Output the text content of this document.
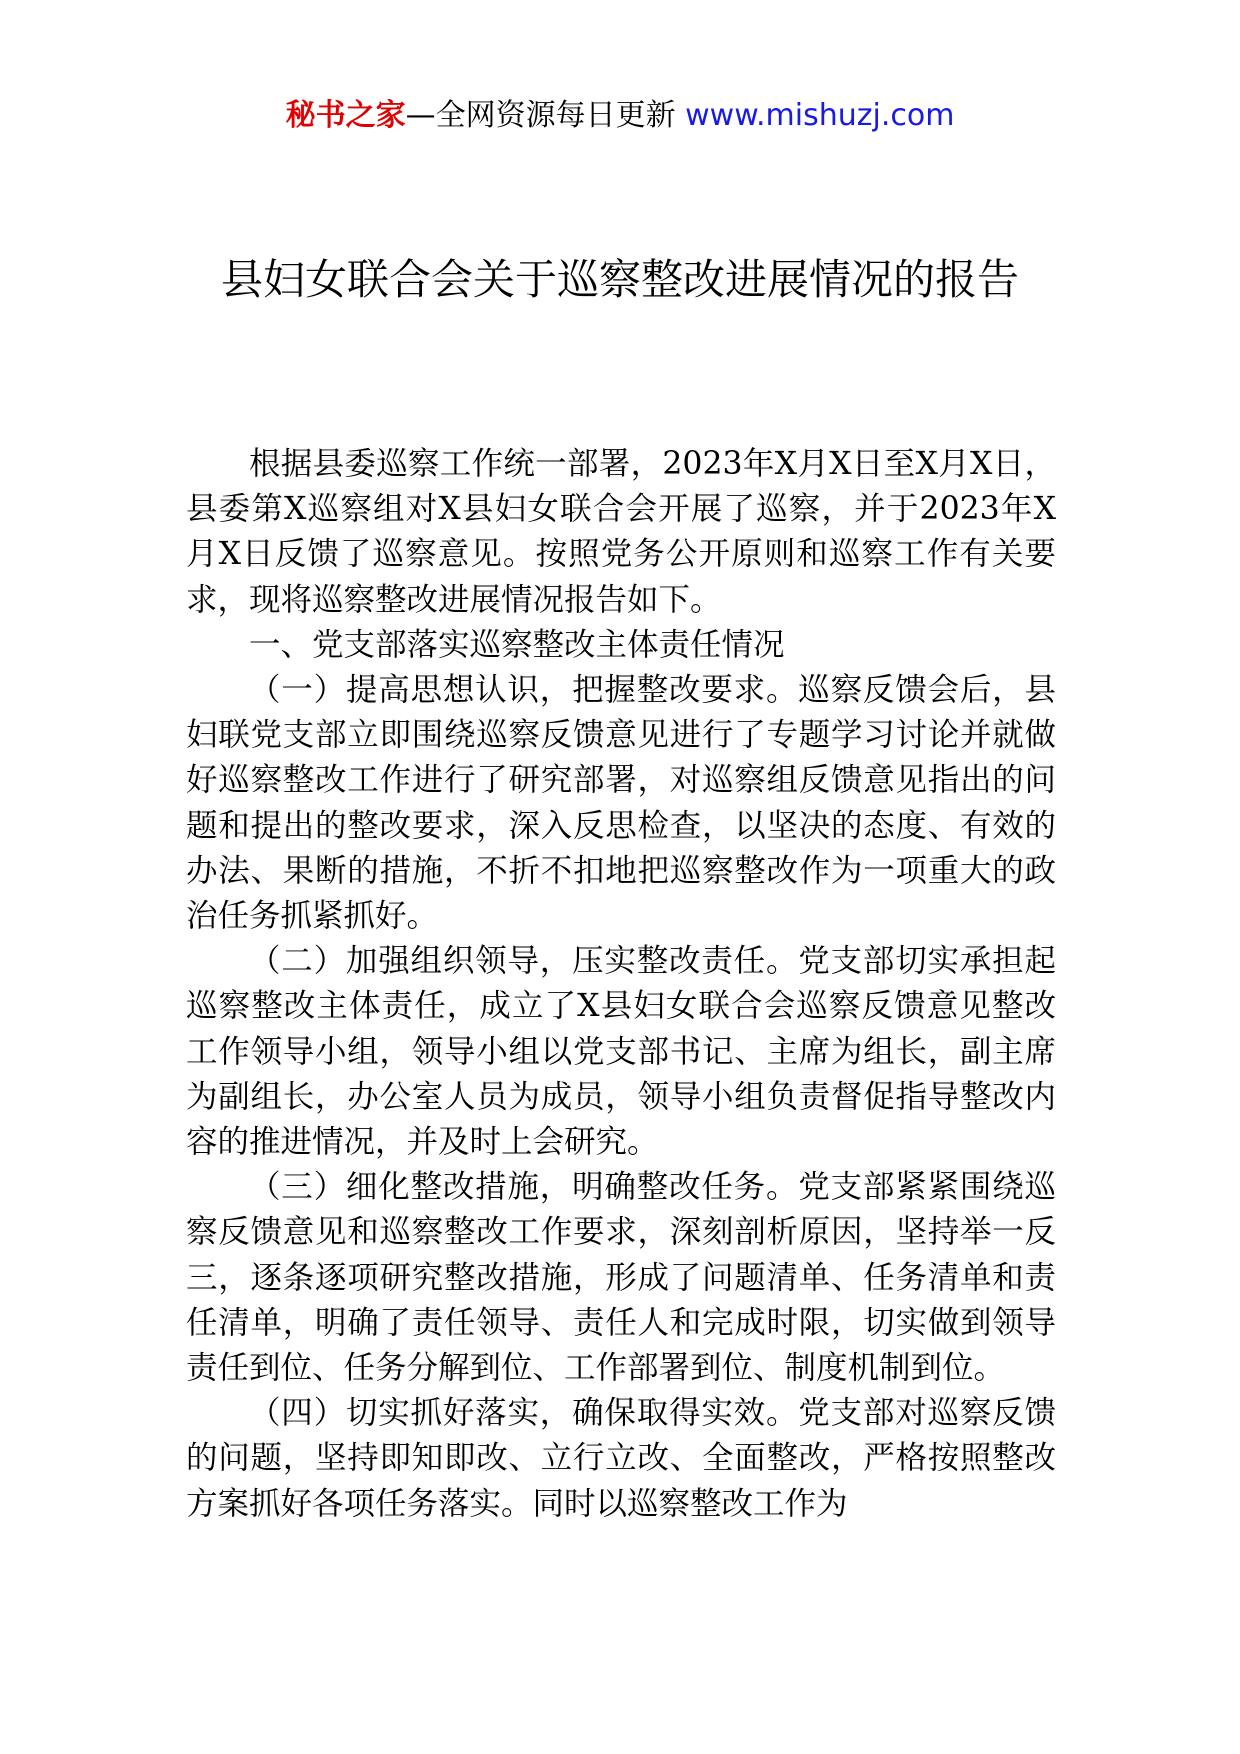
秘书之家—全网资源每日更新 www.mishuzj.com
县妇女联合会关于巡察整改进展情况的报告

根据县委巡察工作统一部署，2023年X月X日至X月X日，县委第X巡察组对X县妇女联合会开展了巡察，并于2023年X月X日反馈了巡察意见。按照党务公开原则和巡察工作有关要求，现将巡察整改进展情况报告如下。

一、党支部落实巡察整改主体责任情况

（一）提高思想认识，把握整改要求。巡察反馈会后，县妇联党支部立即围绕巡察反馈意见进行了专题学习讨论并就做好巡察整改工作进行了研究部署，对巡察组反馈意见指出的问题和提出的整改要求，深入反思检查，以坚决的态度、有效的办法、果断的措施，不折不扣地把巡察整改作为一项重大的政治任务抓紧抓好。

（二）加强组织领导，压实整改责任。党支部切实承担起巡察整改主体责任，成立了X县妇女联合会巡察反馈意见整改工作领导小组，领导小组以党支部书记、主席为组长，副主席为副组长，办公室人员为成员，领导小组负责督促指导整改内容的推进情况，并及时上会研究。

（三）细化整改措施，明确整改任务。党支部紧紧围绕巡察反馈意见和巡察整改工作要求，深刻剖析原因，坚持举一反三，逐条逐项研究整改措施，形成了问题清单、任务清单和责任清单，明确了责任领导、责任人和完成时限，切实做到领导责任到位、任务分解到位、工作部署到位、制度机制到位。

（四）切实抓好落实，确保取得实效。党支部对巡察反馈的问题，坚持即知即改、立行立改、全面整改，严格按照整改方案抓好各项任务落实。同时以巡察整改工作为
